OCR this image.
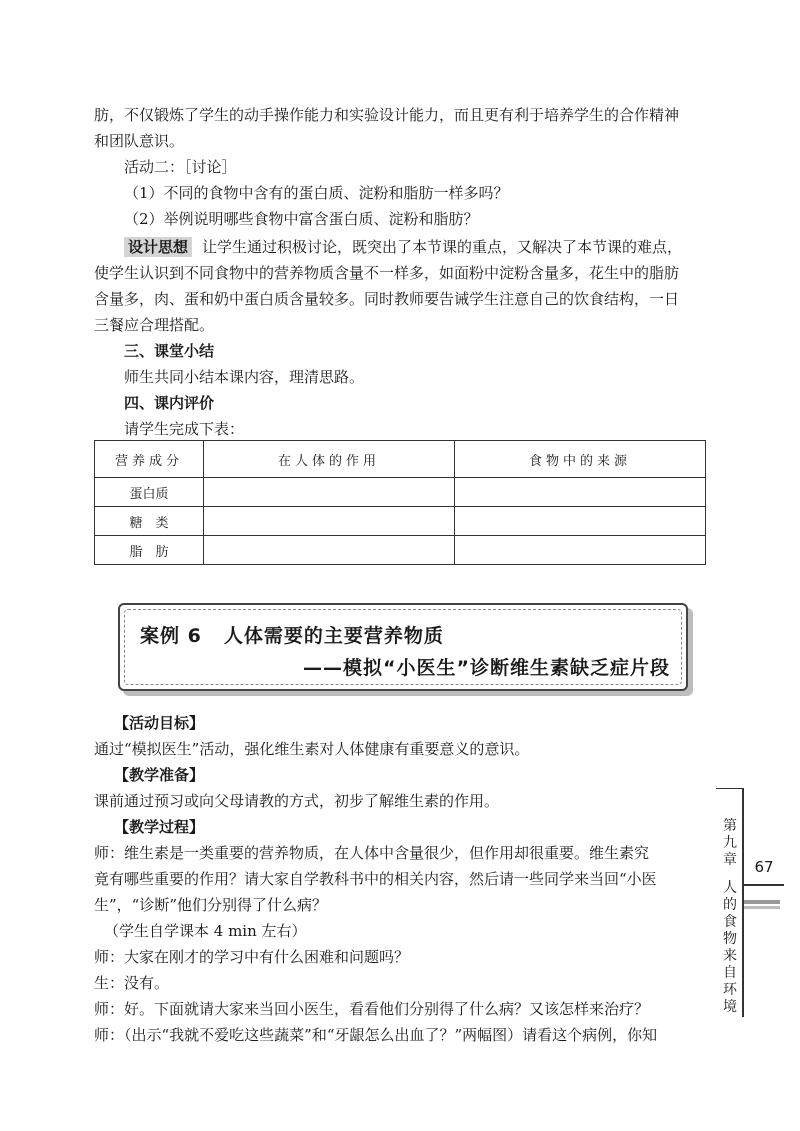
肪，不仅锻炼了学生的动手操作能力和实验设计能力，而且更有利于培养学生的合作精神
和团队意识。
活动二：［讨论］
（1）不同的食物中含有的蛋白质、淀粉和脂肪一样多吗？
（2）举例说明哪些食物中富含蛋白质、淀粉和脂肪？
设计思想 让学生通过积极讨论，既突出了本节课的重点，又解决了本节课的难点，
使学生认识到不同食物中的营养物质含量不一样多，如面粉中淀粉含量多，花生中的脂肪
含量多，肉、蛋和奶中蛋白质含量较多。同时教师要告诫学生注意自己的饮食结构，一日
三餐应合理搭配。
三、课堂小结
师生共同小结本课内容，理清思路。
四、课内评价
请学生完成下表：
营养成分	在人体的作用	食物中的来源
蛋白质		
糖　类		
脂　肪		
案例 6 人体需要的主要营养物质
——模拟“小医生”诊断维生素缺乏症片段
【活动目标】
通过“模拟医生”活动，强化维生素对人体健康有重要意义的意识。
【教学准备】
课前通过预习或向父母请教的方式，初步了解维生素的作用。
【教学过程】
师：维生素是一类重要的营养物质，在人体中含量很少，但作用却很重要。维生素究
竟有哪些重要的作用？请大家自学教科书中的相关内容，然后请一些同学来当回“小医
生”，“诊断”他们分别得了什么病？
（学生自学课本 4 min 左右）
师：大家在刚才的学习中有什么困难和问题吗？
生：没有。
师：好。下面就请大家来当回小医生，看看他们分别得了什么病？又该怎样来治疗？
师：（出示“我就不爱吃这些蔬菜”和“牙龈怎么出血了？”两幅图）请看这个病例，你知
第九章
人的食物来自环境
67
